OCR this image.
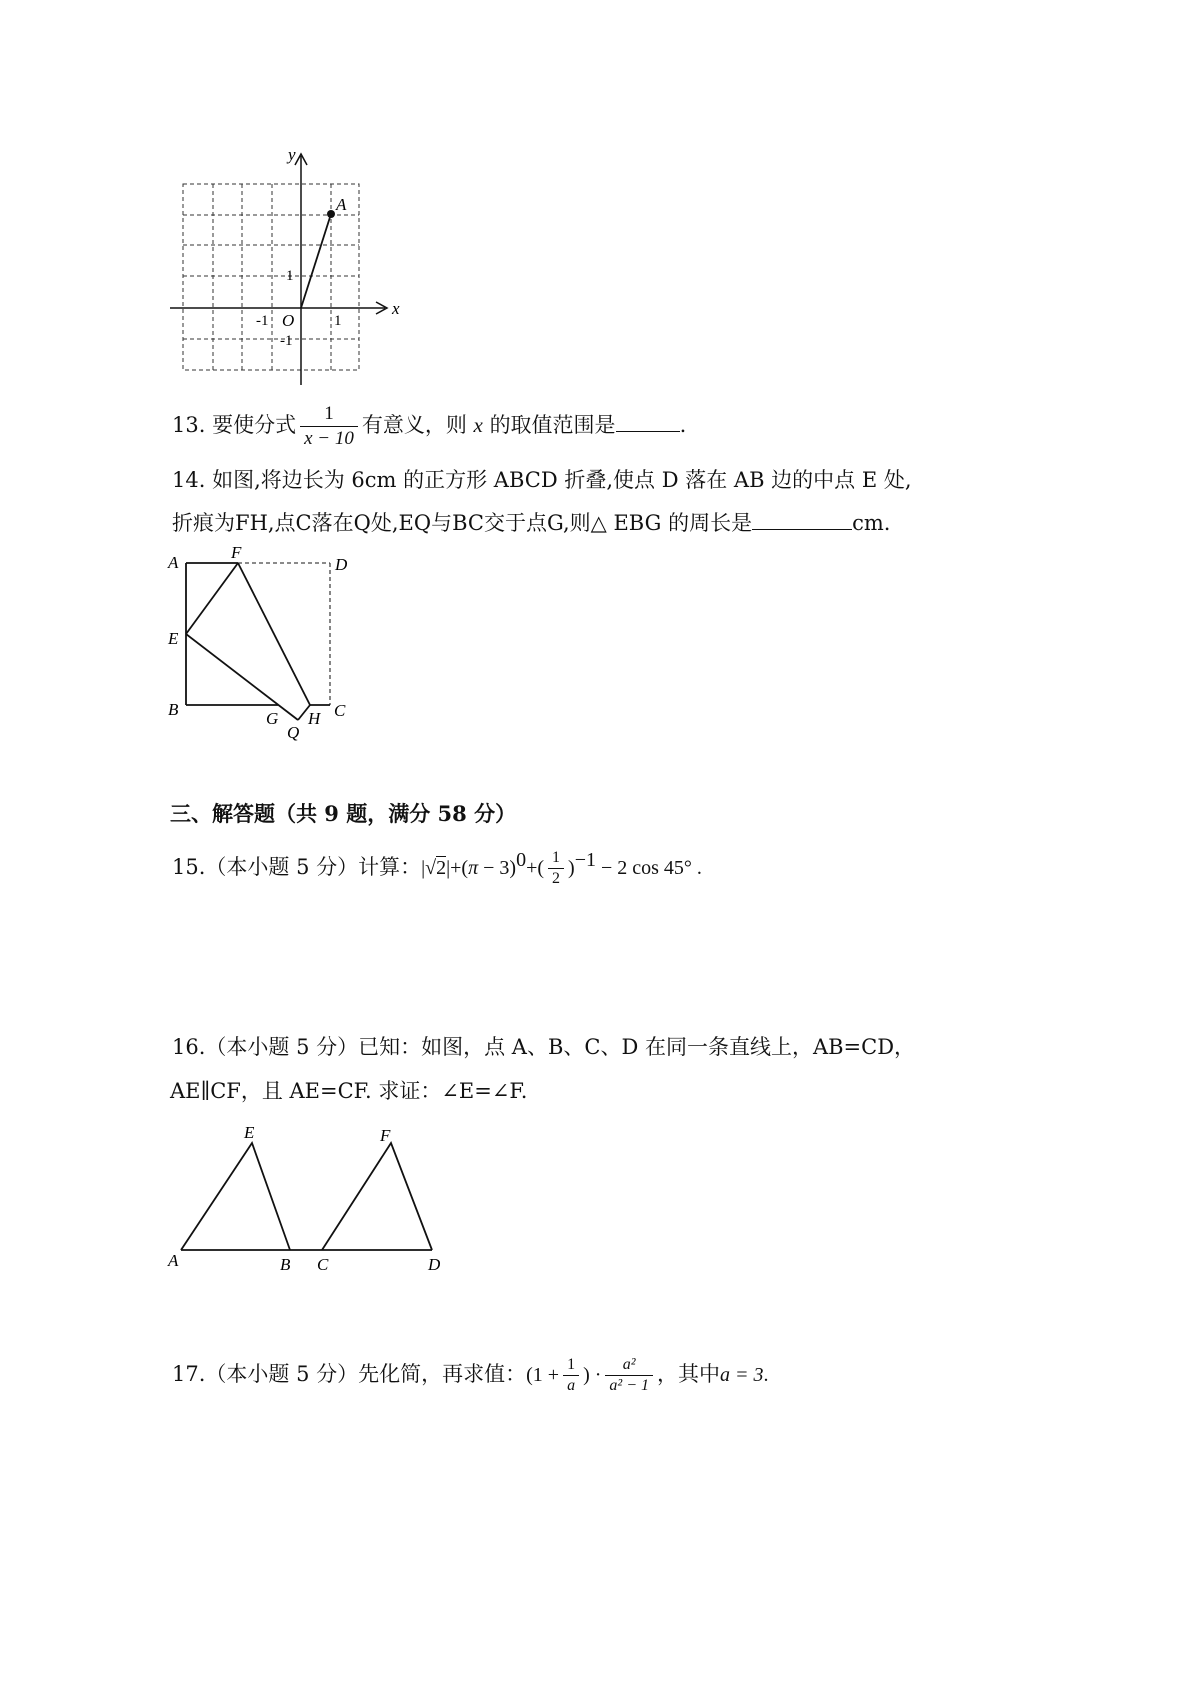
y
x
O
1
-1	1
-1
A
13. 要使分式 $\frac{1}{x - 10}$ 有意义，则 x 的取值范围是	.
14. 如图,将边长为 6cm 的正方形 ABCD 折叠,使点 D 落在 AB 边的中点 E 处,
折痕为FH,点C落在Q处,EQ与BC交于点G,则△ EBG 的周长是	cm.
A
F
D
E
B	G
Q
H C
三、解答题（共 9 题，满分 58 分）
15.（本小题 5 分）计算：$|√2|+(\pi - 3)^0+( \frac{1}{2} )^{-1} - 2$ cos 45° .
16.（本小题 5 分）已知：如图，点 A、B、C、D 在同一条直线上，AB=CD，
AE∥CF，且 AE=CF. 求证：∠E=∠F.
E	F
A	B C	D
17.（本小题 5 分）先化简，再求值：($1 + \frac{1}{a}$ ) · $\frac{\text{a²}}{\text{a² − 1}}$ ，其中a = 3.
